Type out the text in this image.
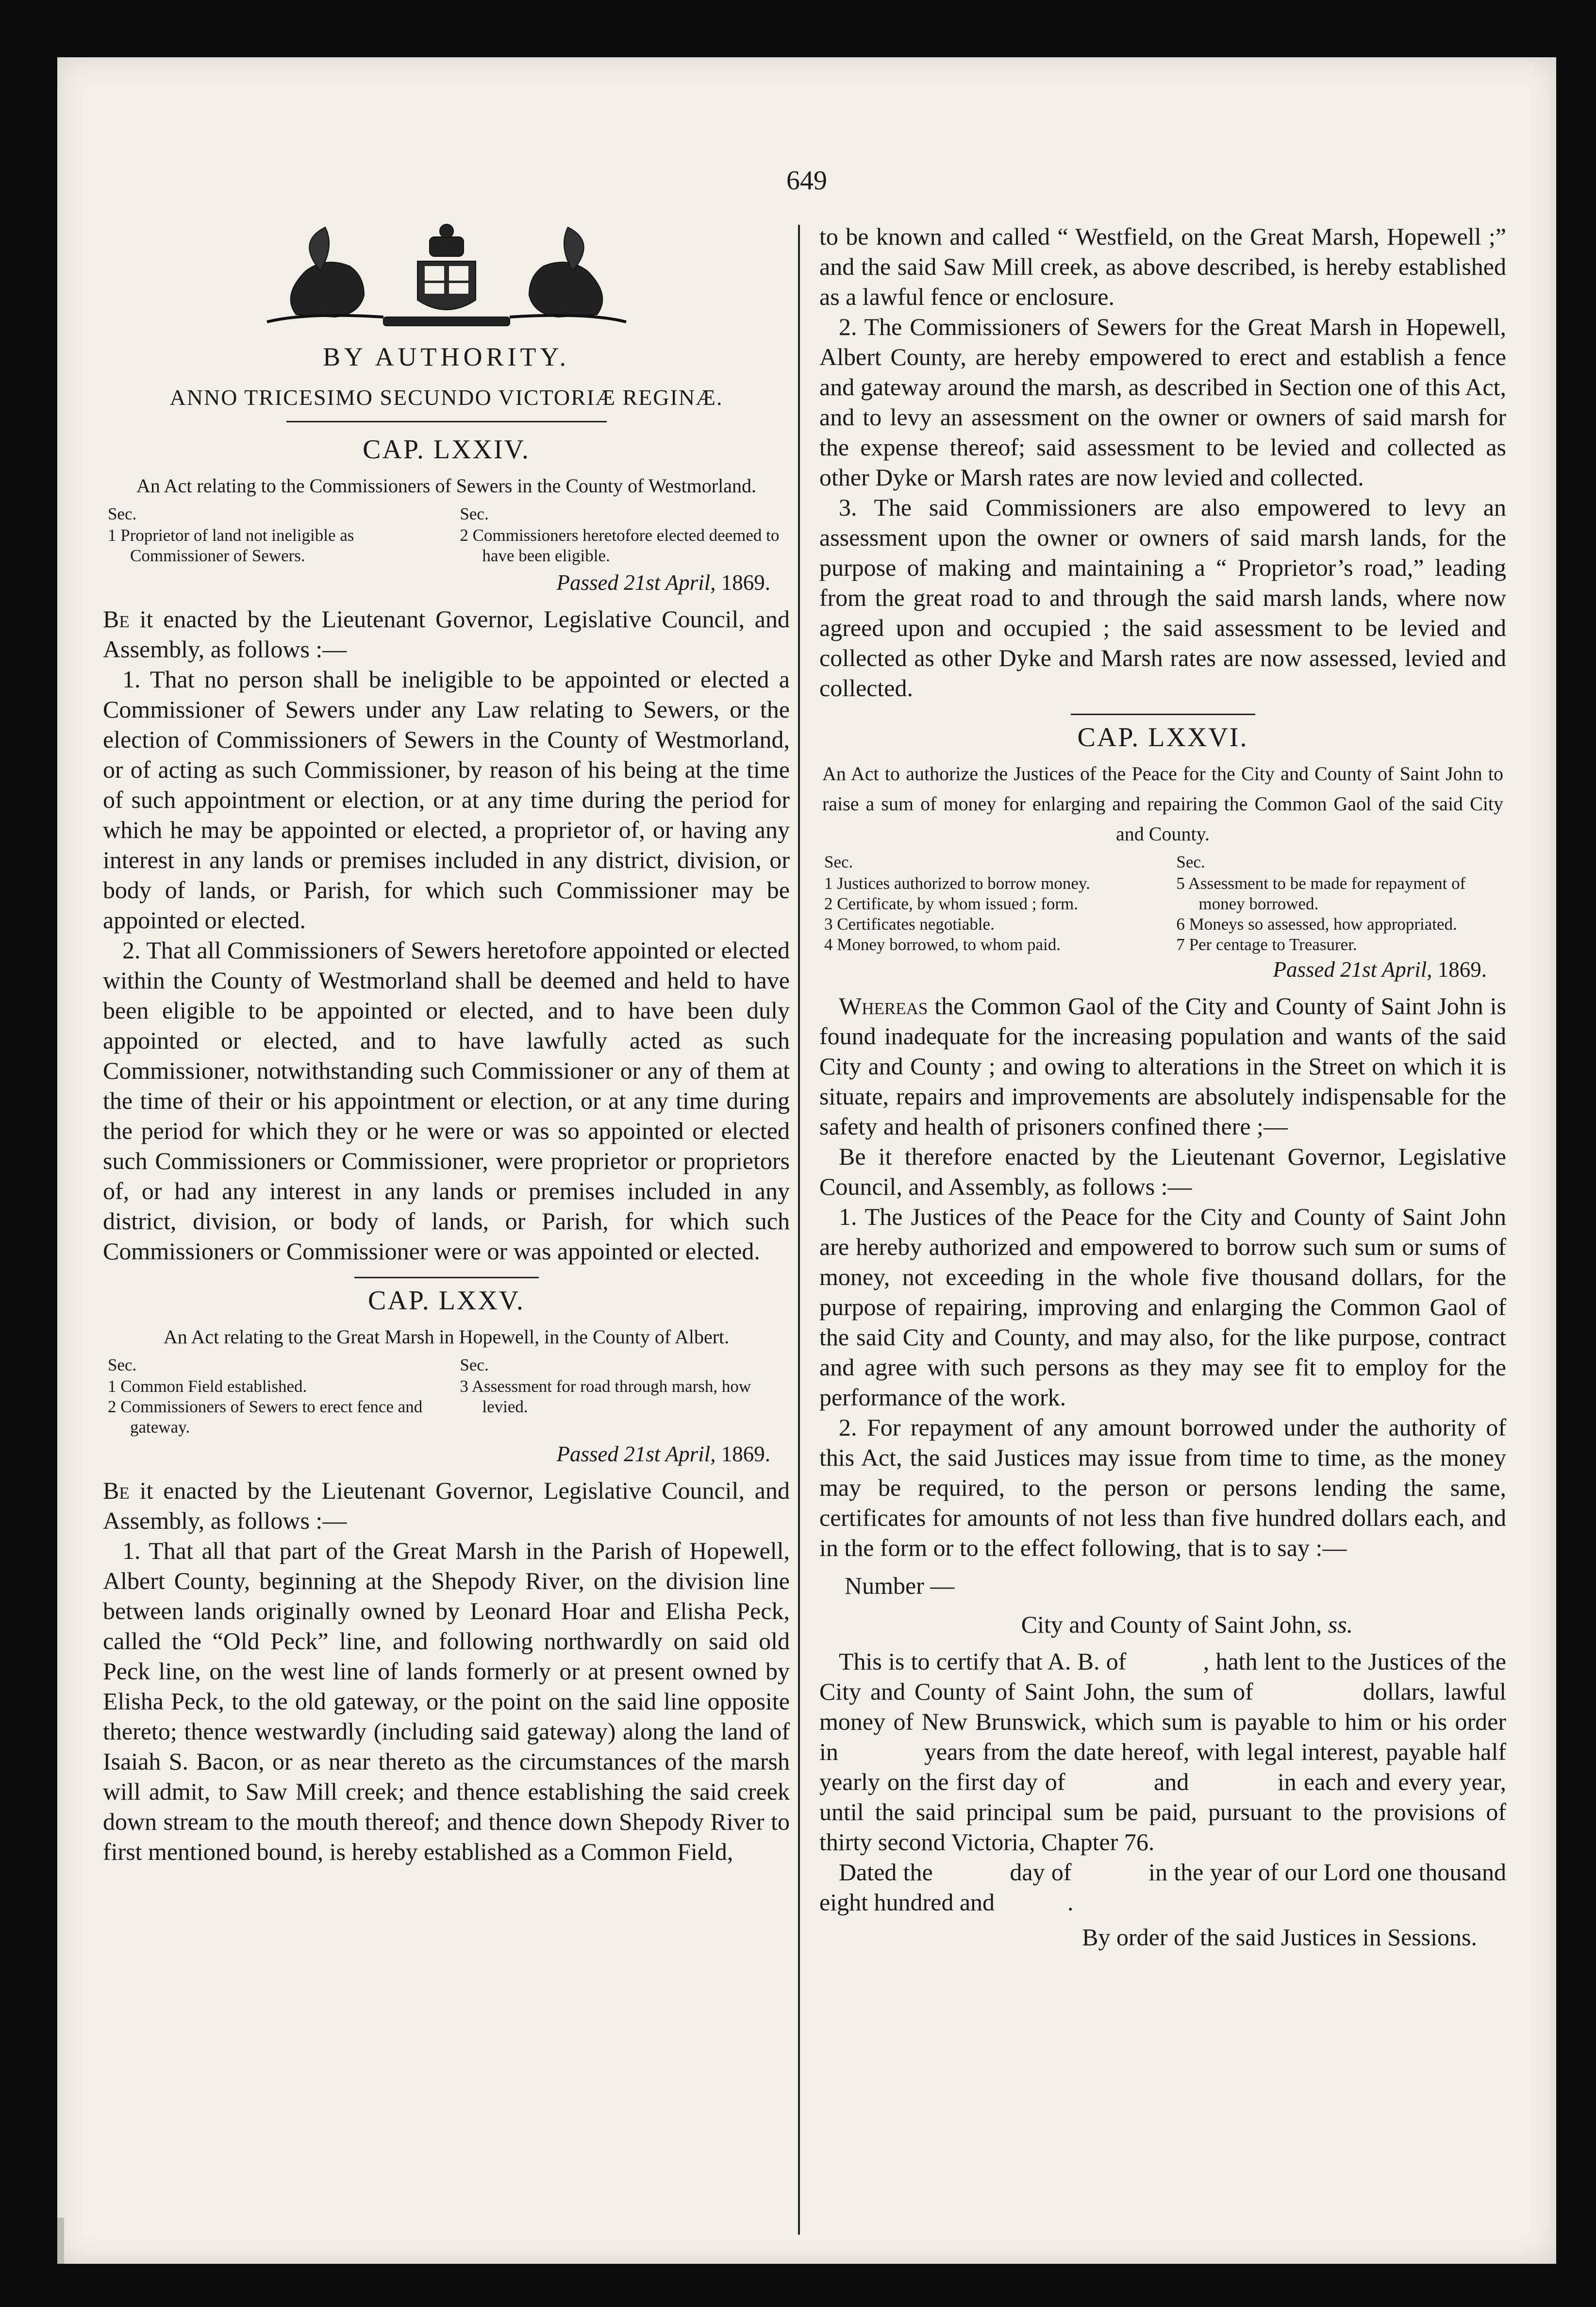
649
BY AUTHORITY.
ANNO TRICESIMO SECUNDO VICTORIÆ REGINÆ.
CAP. LXXIV.
An Act relating to the Commissioners of Sewers in the County of Westmorland.
Sec.
1 Proprietor of land not ineligible as Commissioner of Sewers.
Sec.
2 Commissioners heretofore elected deemed to have been eligible.
Passed 21st April, 1869.

Be it enacted by the Lieutenant Governor, Legislative Council, and Assembly, as follows :—

1. That no person shall be ineligible to be appointed or elected a Commissioner of Sewers under any Law relating to Sewers, or the election of Commissioners of Sewers in the County of Westmorland, or of acting as such Commissioner, by reason of his being at the time of such appointment or election, or at any time during the period for which he may be appointed or elected, a proprietor of, or having any interest in any lands or premises included in any district, division, or body of lands, or Parish, for which such Commissioner may be appointed or elected.

2. That all Commissioners of Sewers heretofore appointed or elected within the County of Westmorland shall be deemed and held to have been eligible to be appointed or elected, and to have been duly appointed or elected, and to have lawfully acted as such Commissioner, notwithstanding such Commissioner or any of them at the time of their or his appointment or election, or at any time during the period for which they or he were or was so appointed or elected such Commissioners or Commissioner, were proprietor or proprietors of, or had any interest in any lands or premises included in any district, division, or body of lands, or Parish, for which such Commissioners or Commissioner were or was appointed or elected.

CAP. LXXV.
An Act relating to the Great Marsh in Hopewell, in the County of Albert.
Sec.
1 Common Field established.
2 Commissioners of Sewers to erect fence and gateway.
Sec.
3 Assessment for road through marsh, how levied.
Passed 21st April, 1869.

Be it enacted by the Lieutenant Governor, Legislative Council, and Assembly, as follows :—

1. That all that part of the Great Marsh in the Parish of Hopewell, Albert County, beginning at the Shepody River, on the division line between lands originally owned by Leonard Hoar and Elisha Peck, called the “Old Peck” line, and following northwardly on said old Peck line, on the west line of lands formerly or at present owned by Elisha Peck, to the old gateway, or the point on the said line opposite thereto; thence westwardly (including said gateway) along the land of Isaiah S. Bacon, or as near thereto as the circumstances of the marsh will admit, to Saw Mill creek; and thence establishing the said creek down stream to the mouth thereof; and thence down Shepody River to first mentioned bound, is hereby established as a Common Field,

to be known and called “ Westfield, on the Great Marsh, Hopewell ;” and the said Saw Mill creek, as above described, is hereby established as a lawful fence or enclosure.

2. The Commissioners of Sewers for the Great Marsh in Hopewell, Albert County, are hereby empowered to erect and establish a fence and gateway around the marsh, as described in Section one of this Act, and to levy an assessment on the owner or owners of said marsh for the expense thereof; said assessment to be levied and collected as other Dyke or Marsh rates are now levied and collected.

3. The said Commissioners are also empowered to levy an assessment upon the owner or owners of said marsh lands, for the purpose of making and maintaining a “ Proprietor’s road,” leading from the great road to and through the said marsh lands, where now agreed upon and occupied ; the said assessment to be levied and collected as other Dyke and Marsh rates are now assessed, levied and collected.

CAP. LXXVI.
An Act to authorize the Justices of the Peace for the City and County of Saint John to raise a sum of money for enlarging and repairing the Common Gaol of the said City and County.
Sec.
1 Justices authorized to borrow money.
2 Certificate, by whom issued ; form.
3 Certificates negotiable.
4 Money borrowed, to whom paid.
Sec.
5 Assessment to be made for repayment of money borrowed.
6 Moneys so assessed, how appropriated.
7 Per centage to Treasurer.
Passed 21st April, 1869.

Whereas the Common Gaol of the City and County of Saint John is found inadequate for the increasing population and wants of the said City and County ; and owing to alterations in the Street on which it is situate, repairs and improvements are absolutely indispensable for the safety and health of prisoners confined there ;—

Be it therefore enacted by the Lieutenant Governor, Legislative Council, and Assembly, as follows :—

1. The Justices of the Peace for the City and County of Saint John are hereby authorized and empowered to borrow such sum or sums of money, not exceeding in the whole five thousand dollars, for the purpose of repairing, improving and enlarging the Common Gaol of the said City and County, and may also, for the like purpose, contract and agree with such persons as they may see fit to employ for the performance of the work.

2. For repayment of any amount borrowed under the authority of this Act, the said Justices may issue from time to time, as the money may be required, to the person or persons lending the same, certificates for amounts of not less than five hundred dollars each, and in the form or to the effect following, that is to say :—

Number —
City and County of Saint John, ss.

This is to certify that A. B. of            , hath lent to the Justices of the City and County of Saint John, the sum of            dollars, lawful money of New Brunswick, which sum is payable to him or his order in            years from the date hereof, with legal interest, payable half yearly on the first day of            and            in each and every year, until the said principal sum be paid, pursuant to the provisions of thirty second Victoria, Chapter 76.

Dated the            day of            in the year of our Lord one thousand eight hundred and            .

By order of the said Justices in Sessions.
